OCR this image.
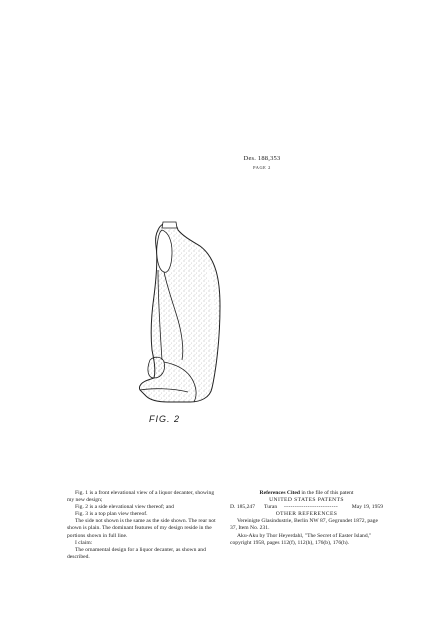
Des. 188,353
PAGE 2
FIG. 2

Fig. 1 is a front elevational view of a liquor decanter, showing my new design;

Fig. 2 is a side elevational view thereof; and

Fig. 3 is a top plan view thereof.

The side not shown is the same as the side shown. The rear not shown is plain. The dominant features of my design reside in the portions shown in full line.

I claim:

The ornamental design for a liquor decanter, as shown and described.

References Cited in the file of this patent
UNITED STATES PATENTS
D. 185,247	Turan	-------------------------	May 19, 1959
OTHER REFERENCES

Vereinigte Glasindustrie, Berlin NW 87, Gegrundet 1872, page 37, Item No. 231.

Aku-Aku by Thor Heyerdahl, "The Secret of Easter Island," copyright 1958, pages 112(f), 112(h), 176(b), 176(h).
